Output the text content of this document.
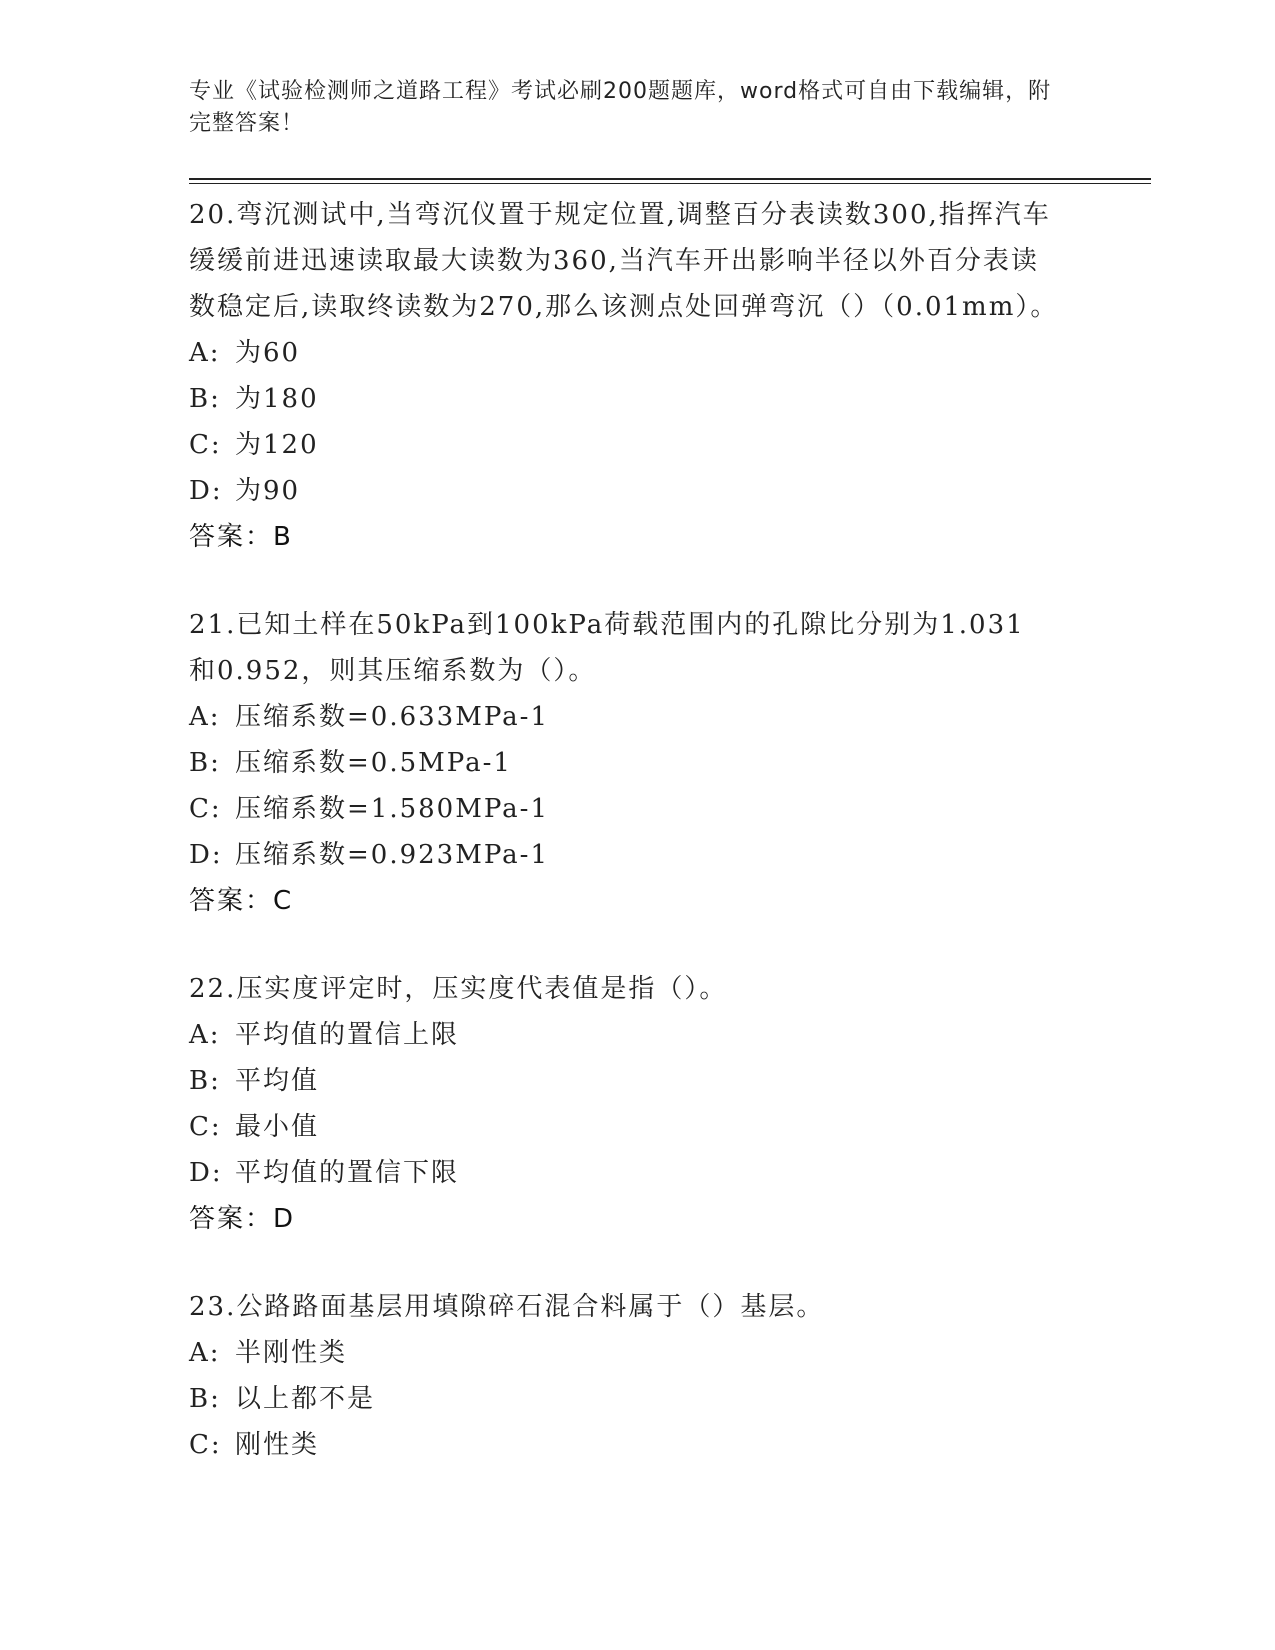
专业《试验检测师之道路工程》考试必刷200题题库，word格式可自由下载编辑，附完整答案！

20.弯沉测试中,当弯沉仪置于规定位置,调整百分表读数300,指挥汽车缓缓前进迅速读取最大读数为360,当汽车开出影响半径以外百分表读数稳定后,读取终读数为270,那么该测点处回弹弯沉（）（0.01mm）。

A: 为60
B: 为180
C: 为120
D: 为90
答案：B

21.已知土样在50kPa到100kPa荷载范围内的孔隙比分别为1.031和0.952，则其压缩系数为（）。

A: 压缩系数=0.633MPa-1
B: 压缩系数=0.5MPa-1
C: 压缩系数=1.580MPa-1
D: 压缩系数=0.923MPa-1
答案：C

22.压实度评定时，压实度代表值是指（）。

A: 平均值的置信上限
B: 平均值
C: 最小值
D: 平均值的置信下限
答案：D

23.公路路面基层用填隙碎石混合料属于（）基层。

A: 半刚性类
B: 以上都不是
C: 刚性类
